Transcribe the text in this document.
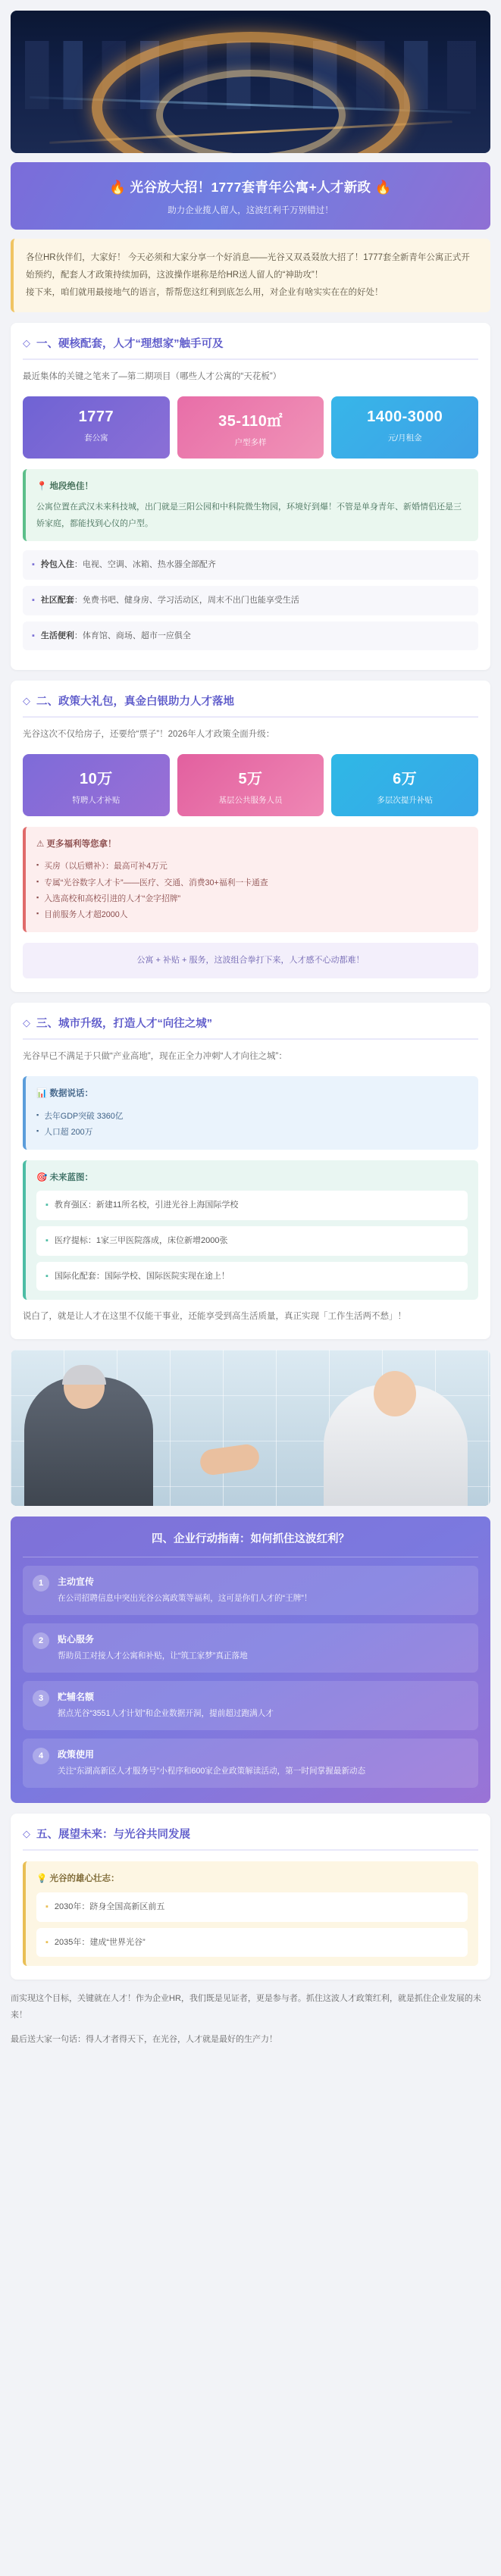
🔥 光谷放大招！1777套青年公寓+人才新政 🔥
助力企业揽人留人，这波红利千万别错过！
各位HR伙伴们，大家好！ 今天必须和大家分享一个好消息——光谷又双叒叕放大招了！1777套全新青年公寓正式开始预约，配套人才政策持续加码，这波操作堪称是给HR送人留人的“神助攻”！
接下来，咱们就用最接地气的语言，帮帮您这红利到底怎么用，对企业有啥实实在在的好处！
◇ 一、硬核配套，人才“理想家”触手可及
最近集体的关键之笔来了—第二期项目（哪些人才公寓的“天花板”）
1777
套公寓
35-110㎡
户型多样
1400-3000
元/月租金
📍 地段绝佳！
公寓位置在武汉未来科技城，出门就是三阳公园和中科院微生物园，环境好到爆！不管是单身青年、新婚情侣还是三娇家庭，都能找到心仪的户型。
▪ 拎包入住：电视、空调、冰箱、热水器全部配齐
▪ 社区配套：免费书吧、健身房、学习活动区，周末不出门也能享受生活
▪ 生活便利：体育馆、商场、超市一应俱全
◇ 二、政策大礼包，真金白银助力人才落地
光谷这次不仅给房子，还要给“票子”！2026年人才政策全面升级：
10万
特聘人才补贴
5万
基层公共服务人员
6万
多层次提升补贴
⚠ 更多福利等您拿！
▪ 买房（以后赠补）：最高可补4万元
▪ 专属“光谷数字人才卡”——医疗、交通、消费30+福利一卡通查
▪ 入选高校和高校引进的人才“金字招牌”
▪ 目前服务人才超2000人
公寓 + 补贴 + 服务，这波组合拳打下来，人才感不心动都难！
◇ 三、城市升级，打造人才“向往之城”
光谷早已不满足于只做“产业高地”，现在正全力冲刺“人才向往之城”：
📊 数据说话：
▪ 去年GDP突破 3360亿
▪ 人口超 200万
🎯 未来蓝图：
▪ 教育强区：新建11所名校，引进光谷上海国际学校
▪ 医疗提标：1家三甲医院落成，床位新增2000张
▪ 国际化配套：国际学校、国际医院实现在途上！
说白了，就是让人才在这里不仅能干事业，还能享受到高生活质量，真正实现「工作生活两不愁」！
四、企业行动指南：如何抓住这波红利？
1	主动宣传
在公司招聘信息中突出光谷公寓政策等福利，这可是你们人才的“王牌”！
2	贴心服务
帮助员工对接人才公寓和补贴，让“筑工家梦”真正落地
3	贮辅名额
据点光谷“3551人才计划”和企业数据开洞，提前超过跑满人才
4	政策使用
关注“东湖高新区人才服务号”小程序和600家企业政策解读活动，第一时间掌握最新动态
◇ 五、展望未来：与光谷共同发展
💡 光谷的雄心壮志：
▪ 2030年：跻身全国高新区前五
▪ 2035年：建成“世界光谷”
而实现这个目标，关键就在人才！作为企业HR，我们既是见证者，更是参与者。抓住这波人才政策红利，就是抓住企业发展的未来！
最后送大家一句话：得人才者得天下，在光谷，人才就是最好的生产力！
